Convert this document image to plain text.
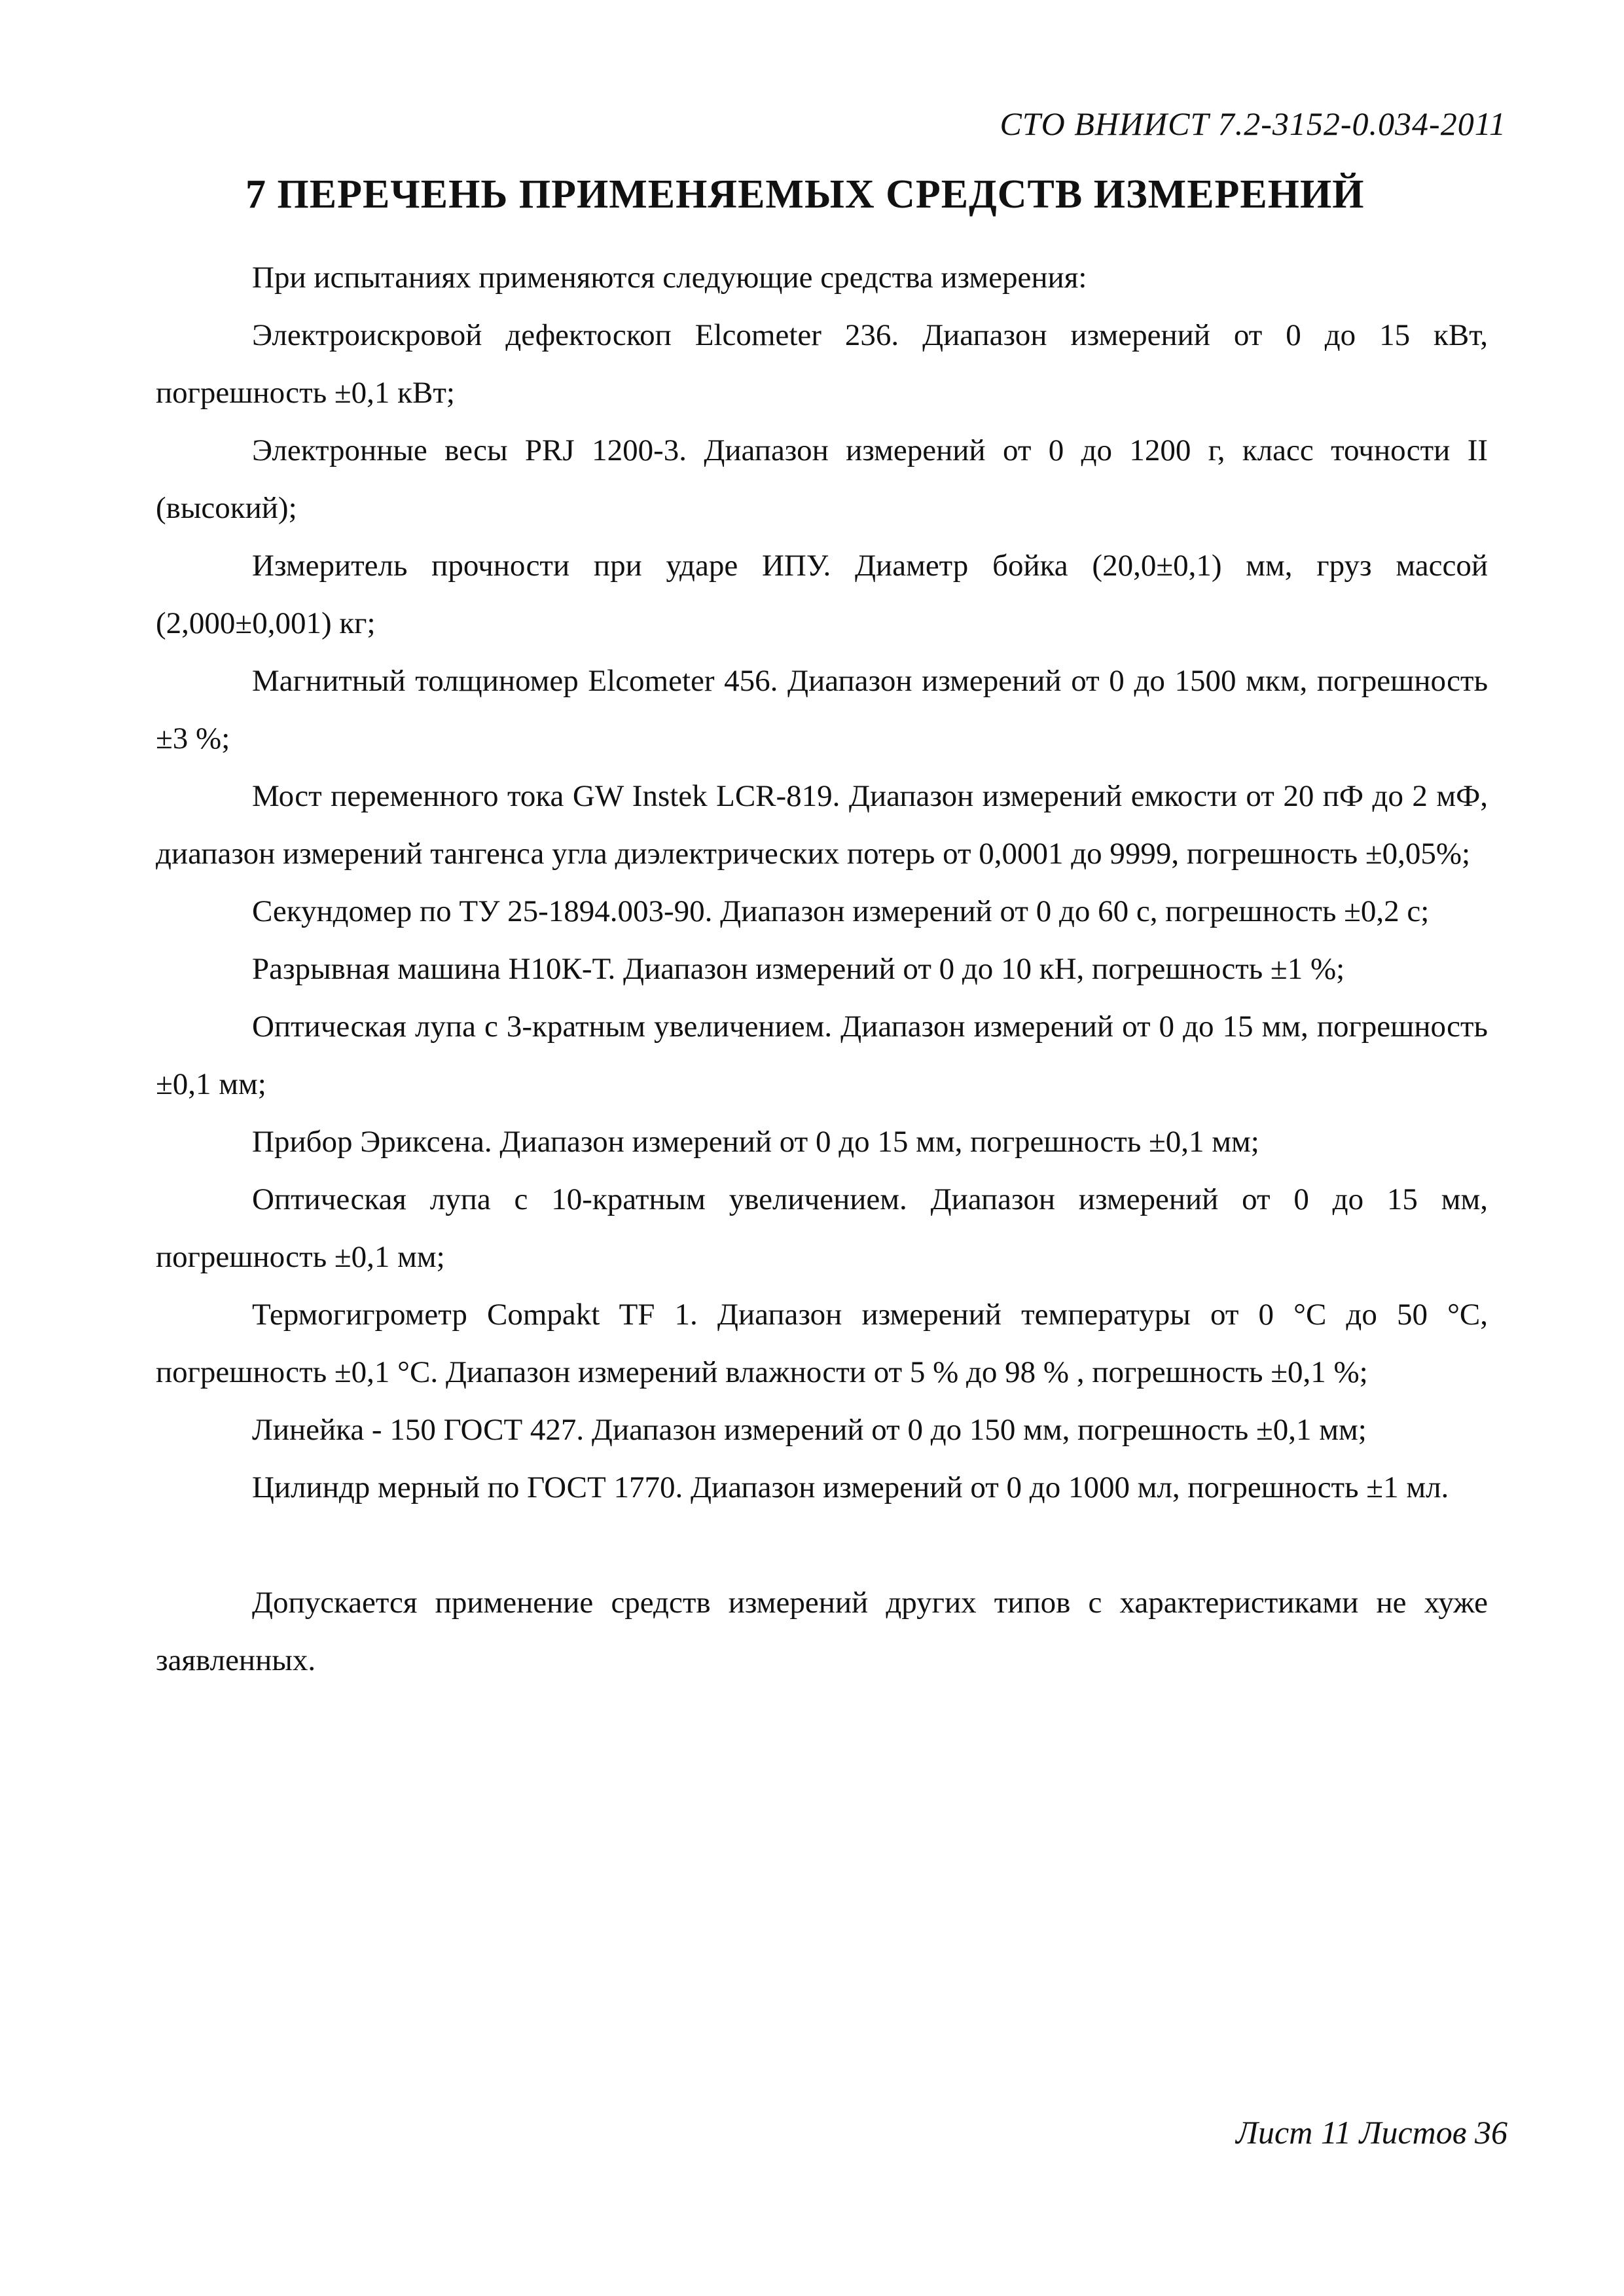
СТО ВНИИСТ 7.2-3152-0.034-2011
7 ПЕРЕЧЕНЬ ПРИМЕНЯЕМЫХ СРЕДСТВ ИЗМЕРЕНИЙ

При испытаниях применяются следующие средства измерения:

Электроискровой дефектоскоп Elcometer 236. Диапазон измерений от 0 до 15 кВт, погрешность ±0,1 кВт;

Электронные весы PRJ 1200-3. Диапазон измерений от 0 до 1200 г, класс точности II (высокий);

Измеритель прочности при ударе ИПУ. Диаметр бойка (20,0±0,1) мм, груз массой (2,000±0,001) кг;

Магнитный толщиномер Elcometer 456. Диапазон измерений от 0 до 1500 мкм, погрешность ±3 %;

Мост переменного тока GW Instek LCR-819. Диапазон измерений емкости от 20 пФ до 2 мФ, диапазон измерений тангенса угла диэлектрических потерь от 0,0001 до 9999, погрешность ±0,05%;

Секундомер по ТУ 25-1894.003-90. Диапазон измерений от 0 до 60 с, погрешность ±0,2 с;

Разрывная машина Н10К-Т. Диапазон измерений от 0 до 10 кН, погрешность ±1 %;

Оптическая лупа с 3-кратным увеличением. Диапазон измерений от 0 до 15 мм, погрешность ±0,1 мм;

Прибор Эриксена. Диапазон измерений от 0 до 15 мм, погрешность ±0,1 мм;

Оптическая лупа с 10-кратным увеличением. Диапазон измерений от 0 до 15 мм, погрешность ±0,1 мм;

Термогигрометр Compakt TF 1. Диапазон измерений температуры от 0 °С до 50 °С, погрешность ±0,1 °С. Диапазон измерений влажности от 5 % до 98 % , погрешность ±0,1 %;

Линейка - 150 ГОСТ 427. Диапазон измерений от 0 до 150 мм, погрешность ±0,1 мм;

Цилиндр мерный по ГОСТ 1770. Диапазон измерений от 0 до 1000 мл, погрешность ±1 мл.

Допускается применение средств измерений других типов с характеристиками не хуже заявленных.

Лист 11 Листов 36
